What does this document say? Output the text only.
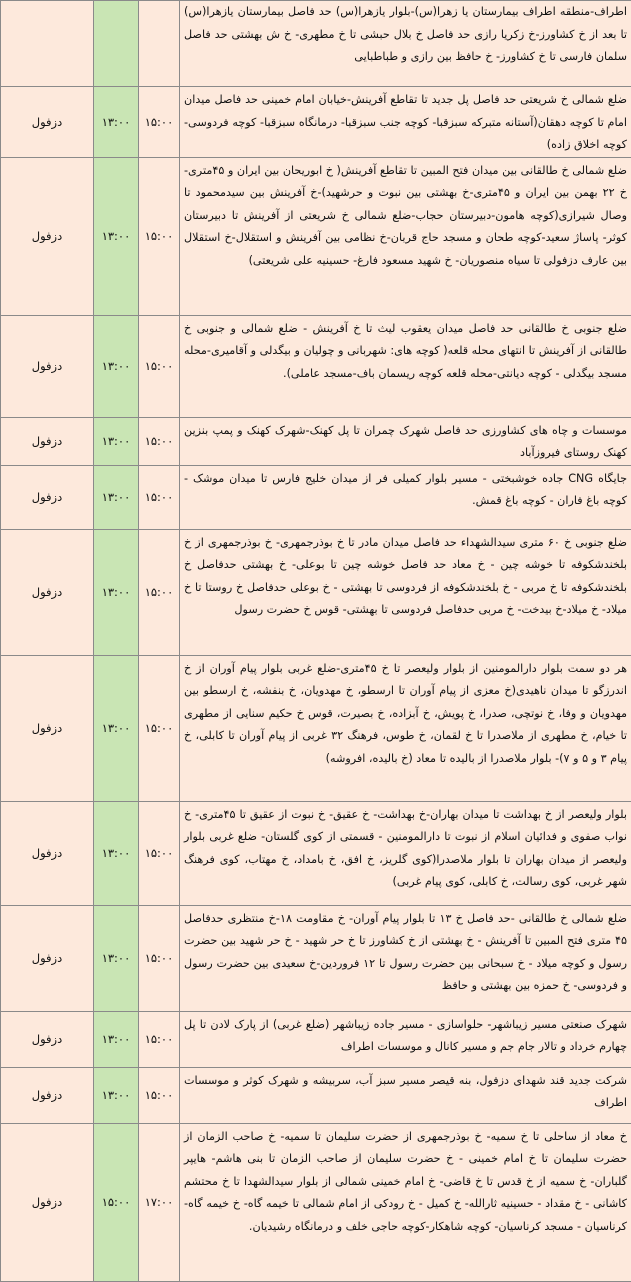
اطراف-منطقه اطراف بیمارستان یا زهرا(س)-بلوار یازهرا(س) حد فاصل بیمارستان یازهرا(س) تا بعد از خ کشاورز-خ زکریا رازی حد فاصل خ بلال حبشی تا خ مطهری- خ ش بهشتی حد فاصل سلمان فارسی تا خ کشاورز- خ حافظ بین رازی و طباطبایی			

ضلع شمالی خ شریعتی حد فاصل پل جدید تا تقاطع آفرینش-خیابان امام خمینی حد فاصل میدان امام تا کوچه دهقان(آستانه متبرکه سبزقبا- کوچه جنب سبزقبا- درمانگاه سبزقبا- کوچه فردوسی- کوچه اخلاق زاده)	۱۵:۰۰	۱۳:۰۰	دزفول

ضلع شمالی خ طالقانی بین میدان فتح المبین تا تقاطع آفرینش( خ ابوریحان بین ایران و ۴۵متری- خ ۲۲ بهمن بین ایران و ۴۵متری-خ بهشتی بین نبوت و حرشهید)-خ آفرینش بین سیدمحمود تا وصال شیرازی(کوچه هامون-دبیرستان حجاب-ضلع شمالی خ شریعتی از آفرینش تا دبیرستان کوثر- پاساژ سعید-کوچه طحان و مسجد حاج قربان-خ نظامی بین آفرینش و استقلال-خ استقلال بین عارف دزفولی تا سیاه منصوریان- خ شهید مسعود فارغ- حسینیه علی شریعتی)	۱۵:۰۰	۱۳:۰۰	دزفول

ضلع جنوبی خ طالقانی حد فاصل میدان یعقوب لیث تا خ آفرینش - ضلع شمالی و جنوبی خ طالقانی از آفرینش تا انتهای محله قلعه( کوچه های: شهربانی و چولیان و بیگدلی و آقامیری-محله مسجد بیگدلی - کوچه دیانتی-محله قلعه کوچه ریسمان باف-مسجد عاملی).	۱۵:۰۰	۱۳:۰۰	دزفول

موسسات و چاه های کشاورزی حد فاصل شهرک چمران تا پل کهنک-شهرک کهنک و پمپ بنزین کهنک روستای فیروزآباد	۱۵:۰۰	۱۳:۰۰	دزفول

جایگاه CNG جاده خوشبختی - مسیر بلوار کمیلی فر از میدان خلیج فارس تا میدان موشک - کوچه باغ فاران - کوچه باغ قمش.	۱۵:۰۰	۱۳:۰۰	دزفول

ضلع جنوبی خ ۶۰ متری سیدالشهداء حد فاصل میدان مادر تا خ بوذرجمهری- خ بوذرجمهری از خ بلخندشکوفه تا خوشه چین - خ معاد حد فاصل خوشه چین تا بوعلی- خ بهشتی حدفاصل خ بلخندشکوفه تا خ مربی - خ بلخندشکوفه از فردوسی تا بهشتی - خ بوعلی حدفاصل خ روستا تا خ میلاد- خ میلاد-خ بیدخت- خ مربی حدفاصل فردوسی تا بهشتی- قوس خ حضرت رسول	۱۵:۰۰	۱۳:۰۰	دزفول

هر دو سمت بلوار دارالمومنین از بلوار ولیعصر تا خ ۴۵متری-ضلع غربی بلوار پیام آوران از خ اندرزگو تا میدان ناهیدی(خ معزی از پیام آوران تا ارسطو، خ مهدویان، خ بنفشه، خ ارسطو بین مهدویان و وفا، خ نوتچی، صدرا، خ پویش، خ آبزاده، خ بصیرت، قوس خ حکیم سنایی از مطهری تا خیام، خ مطهری از ملاصدرا تا خ لقمان، خ طوس، فرهنگ ۳۲ غربی از پیام آوران تا کابلی، خ پیام ۳ و ۵ و ۷)- بلوار ملاصدرا از بالیده تا معاد (خ بالیده، افروشه)	۱۵:۰۰	۱۳:۰۰	دزفول

بلوار ولیعصر از خ بهداشت تا میدان بهاران-خ بهداشت- خ عقیق- خ نبوت از عقیق تا ۴۵متری- خ نواب صفوی و فدائیان اسلام از نبوت تا دارالمومنین - قسمتی از کوی گلستان- ضلع غربی بلوار ولیعصر از میدان بهاران تا بلوار ملاصدرا(کوی گلریز، خ افق، خ بامداد، خ مهتاب، کوی فرهنگ شهر غربی، کوی رسالت، خ کابلی، کوی پیام غربی)	۱۵:۰۰	۱۳:۰۰	دزفول

ضلع شمالی خ طالقانی -حد فاصل خ ۱۳ تا بلوار پیام آوران- خ مقاومت ۱۸-خ منتظری حدفاصل ۴۵ متری فتح المبین تا آفرینش - خ بهشتی از خ کشاورز تا خ حر شهید - خ حر شهید بین حضرت رسول و کوچه میلاد - خ سبحانی بین حضرت رسول تا ۱۲ فروردین-خ سعیدی بین حضرت رسول و فردوسی- خ حمزه بین بهشتی و حافظ	۱۵:۰۰	۱۳:۰۰	دزفول

شهرک صنعتی مسیر زیباشهر- حلواسازی - مسیر جاده زیباشهر (ضلع غربی) از پارک لادن تا پل چهارم خرداد و تالار جام جم و مسیر کانال و موسسات اطراف	۱۵:۰۰	۱۳:۰۰	دزفول

شرکت جدید قند شهدای دزفول، بنه قیصر مسیر سبز آب، سربیشه و شهرک کوثر و موسسات اطراف	۱۵:۰۰	۱۳:۰۰	دزفول

خ معاد از ساحلی تا خ سمیه- خ بوذرجمهری از حضرت سلیمان تا سمیه- خ صاحب الزمان از حضرت سلیمان تا خ امام خمینی - خ حضرت سلیمان از صاحب الزمان تا بنی هاشم- هایپر گلباران- خ سمیه از خ قدس تا خ قاضی- خ امام خمینی شمالی از بلوار سیدالشهدا تا خ محتشم کاشانی - خ مقداد - حسینیه ثارالله- خ کمیل - خ رودکی از امام شمالی تا خیمه گاه- خ خیمه گاه- کرناسیان - مسجد کرناسیان- کوچه شاهکار-کوچه حاجی خلف و درمانگاه رشیدیان.	۱۷:۰۰	۱۵:۰۰	دزفول
